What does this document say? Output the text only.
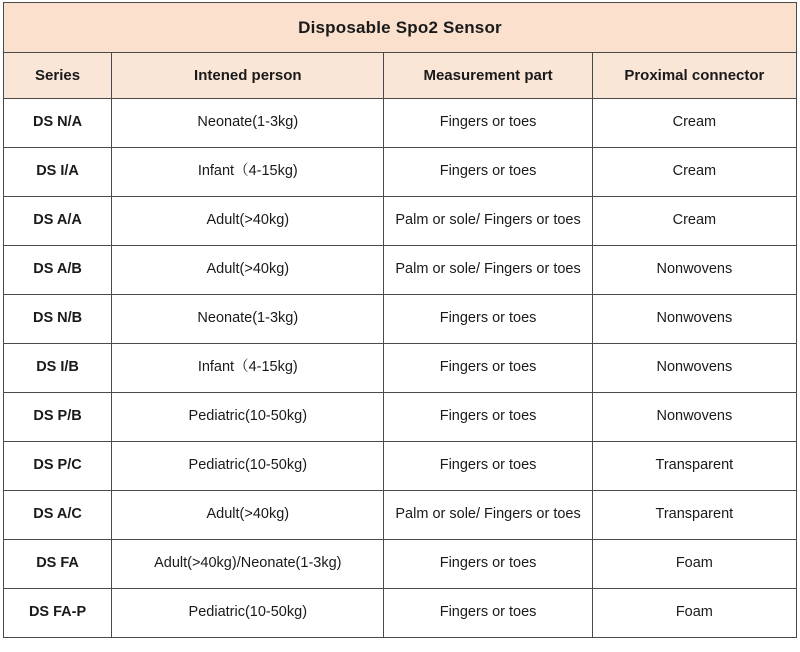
Disposable Spo2 Sensor			
Series	Intened person	Measurement part	Proximal connector
DS N/A	Neonate(1-3kg)	Fingers or toes	Cream
DS I/A	Infant（4-15kg)	Fingers or toes	Cream
DS A/A	Adult(>40kg)	Palm or sole/ Fingers or toes	Cream
DS A/B	Adult(>40kg)	Palm or sole/ Fingers or toes	Nonwovens
DS N/B	Neonate(1-3kg)	Fingers or toes	Nonwovens
DS I/B	Infant（4-15kg)	Fingers or toes	Nonwovens
DS P/B	Pediatric(10-50kg)	Fingers or toes	Nonwovens
DS P/C	Pediatric(10-50kg)	Fingers or toes	Transparent
DS A/C	Adult(>40kg)	Palm or sole/ Fingers or toes	Transparent
DS FA	Adult(>40kg)/Neonate(1-3kg)	Fingers or toes	Foam
DS FA-P	Pediatric(10-50kg)	Fingers or toes	Foam
